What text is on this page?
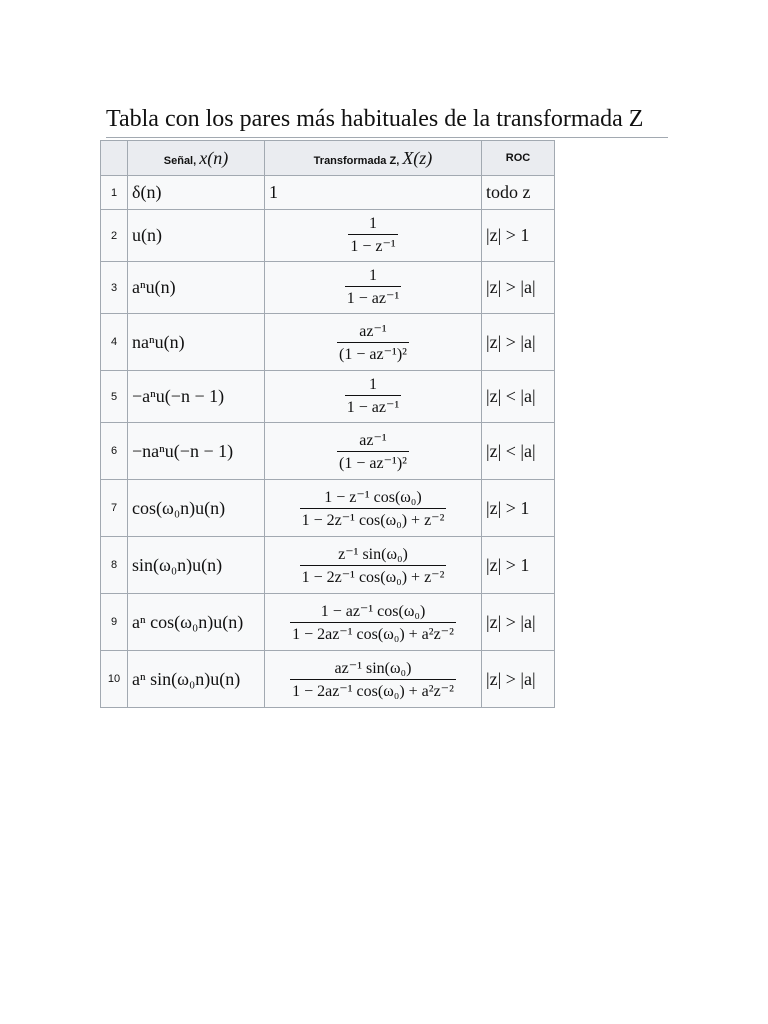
Tabla con los pares más habituales de la transformada Z
	Señal, x(n)	Transformada Z, X(z)	ROC
1	δ(n)	1	todo z
2	u(n)	$\frac{1}{\text{1 − z⁻¹}}$	|z| > 1
3	aⁿu(n)	$\frac{1}{\text{1 − az⁻¹}}$	|z| > |a|
4	naⁿu(n)	$\frac{\text{az⁻¹}}{\text{(1 − az⁻¹)²}}$	|z| > |a|
5	−aⁿu(−n − 1)	$\frac{1}{\text{1 − az⁻¹}}$	|z| < |a|
6	−naⁿu(−n − 1)	$\frac{\text{az⁻¹}}{\text{(1 − az⁻¹)²}}$	|z| < |a|
7	cos(ω₀n)u(n)	$\frac{\text{1 − z⁻¹ cos(ω₀)}}{\text{1 − 2z⁻¹ cos(ω₀) + z⁻²}}$	|z| > 1
8	sin(ω₀n)u(n)	$\frac{\text{z⁻¹ sin(ω₀)}}{\text{1 − 2z⁻¹ cos(ω₀) + z⁻²}}$	|z| > 1
9	aⁿ cos(ω₀n)u(n)	$\frac{\text{1 − az⁻¹ cos(ω₀)}}{\text{1 − 2az⁻¹ cos(ω₀) + a²z⁻²}}$	|z| > |a|
10	aⁿ sin(ω₀n)u(n)	$\frac{\text{az⁻¹ sin(ω₀)}}{\text{1 − 2az⁻¹ cos(ω₀) + a²z⁻²}}$	|z| > |a|
